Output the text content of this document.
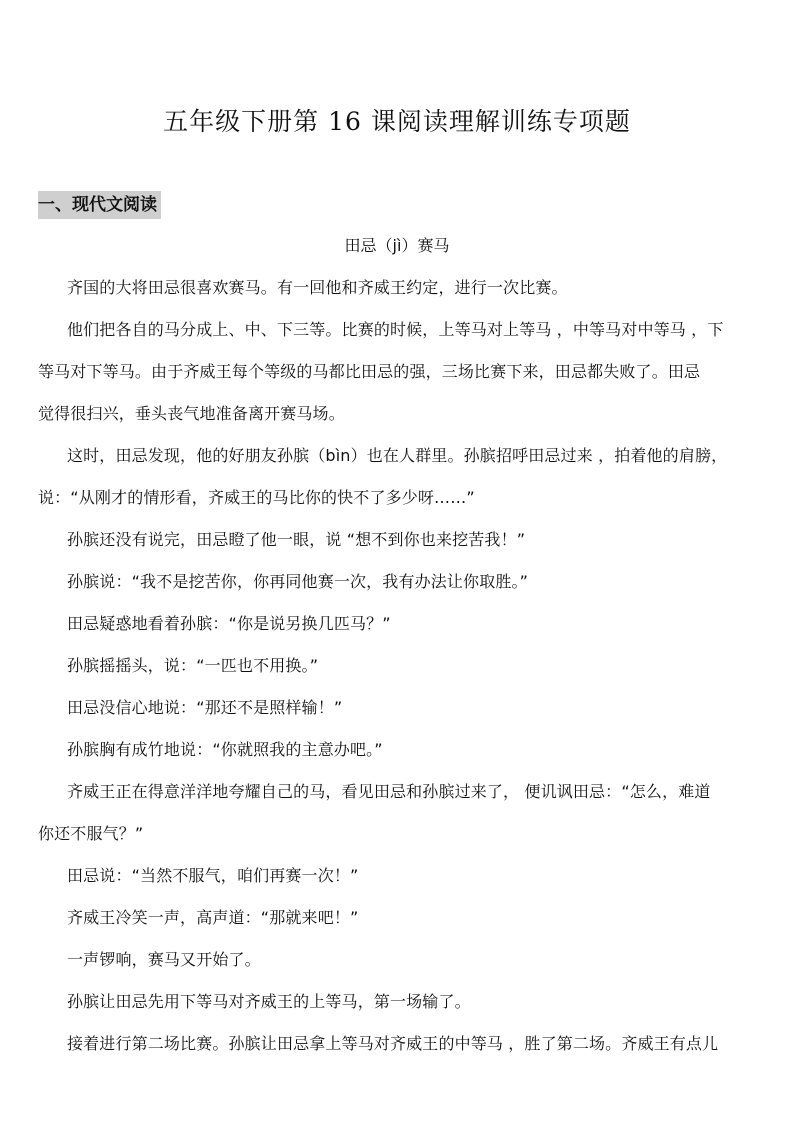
五年级下册第 16 课阅读理解训练专项题
一、现代文阅读
田忌（jì）赛马
齐国的大将田忌很喜欢赛马。有一回他和齐威王约定，进行一次比赛。
他们把各自的马分成上、中、下三等。比赛的时候，上等马对上等马 ，中等马对中等马 ，下
等马对下等马。由于齐威王每个等级的马都比田忌的强，三场比赛下来，田忌都失败了。田忌
觉得很扫兴，垂头丧气地准备离开赛马场。
这时，田忌发现，他的好朋友孙膑（bìn）也在人群里。孙膑招呼田忌过来 ，拍着他的肩膀，
说：“从刚才的情形看，齐威王的马比你的快不了多少呀……”
孙膑还没有说完，田忌瞪了他一眼，说 “想不到你也来挖苦我！”
孙膑说：“我不是挖苦你，你再同他赛一次，我有办法让你取胜。”
田忌疑惑地看着孙膑：“你是说另换几匹马？”
孙膑摇摇头，说：“一匹也不用换。”
田忌没信心地说：“那还不是照样输！”
孙膑胸有成竹地说：“你就照我的主意办吧。”
齐威王正在得意洋洋地夸耀自己的马，看见田忌和孙膑过来了， 便讥讽田忌：“怎么，难道
你还不服气？”
田忌说：“当然不服气，咱们再赛一次！”
齐威王冷笑一声，高声道：“那就来吧！”
一声锣响，赛马又开始了。
孙膑让田忌先用下等马对齐威王的上等马，第一场输了。
接着进行第二场比赛。孙膑让田忌拿上等马对齐威王的中等马 ，胜了第二场。齐威王有点儿
